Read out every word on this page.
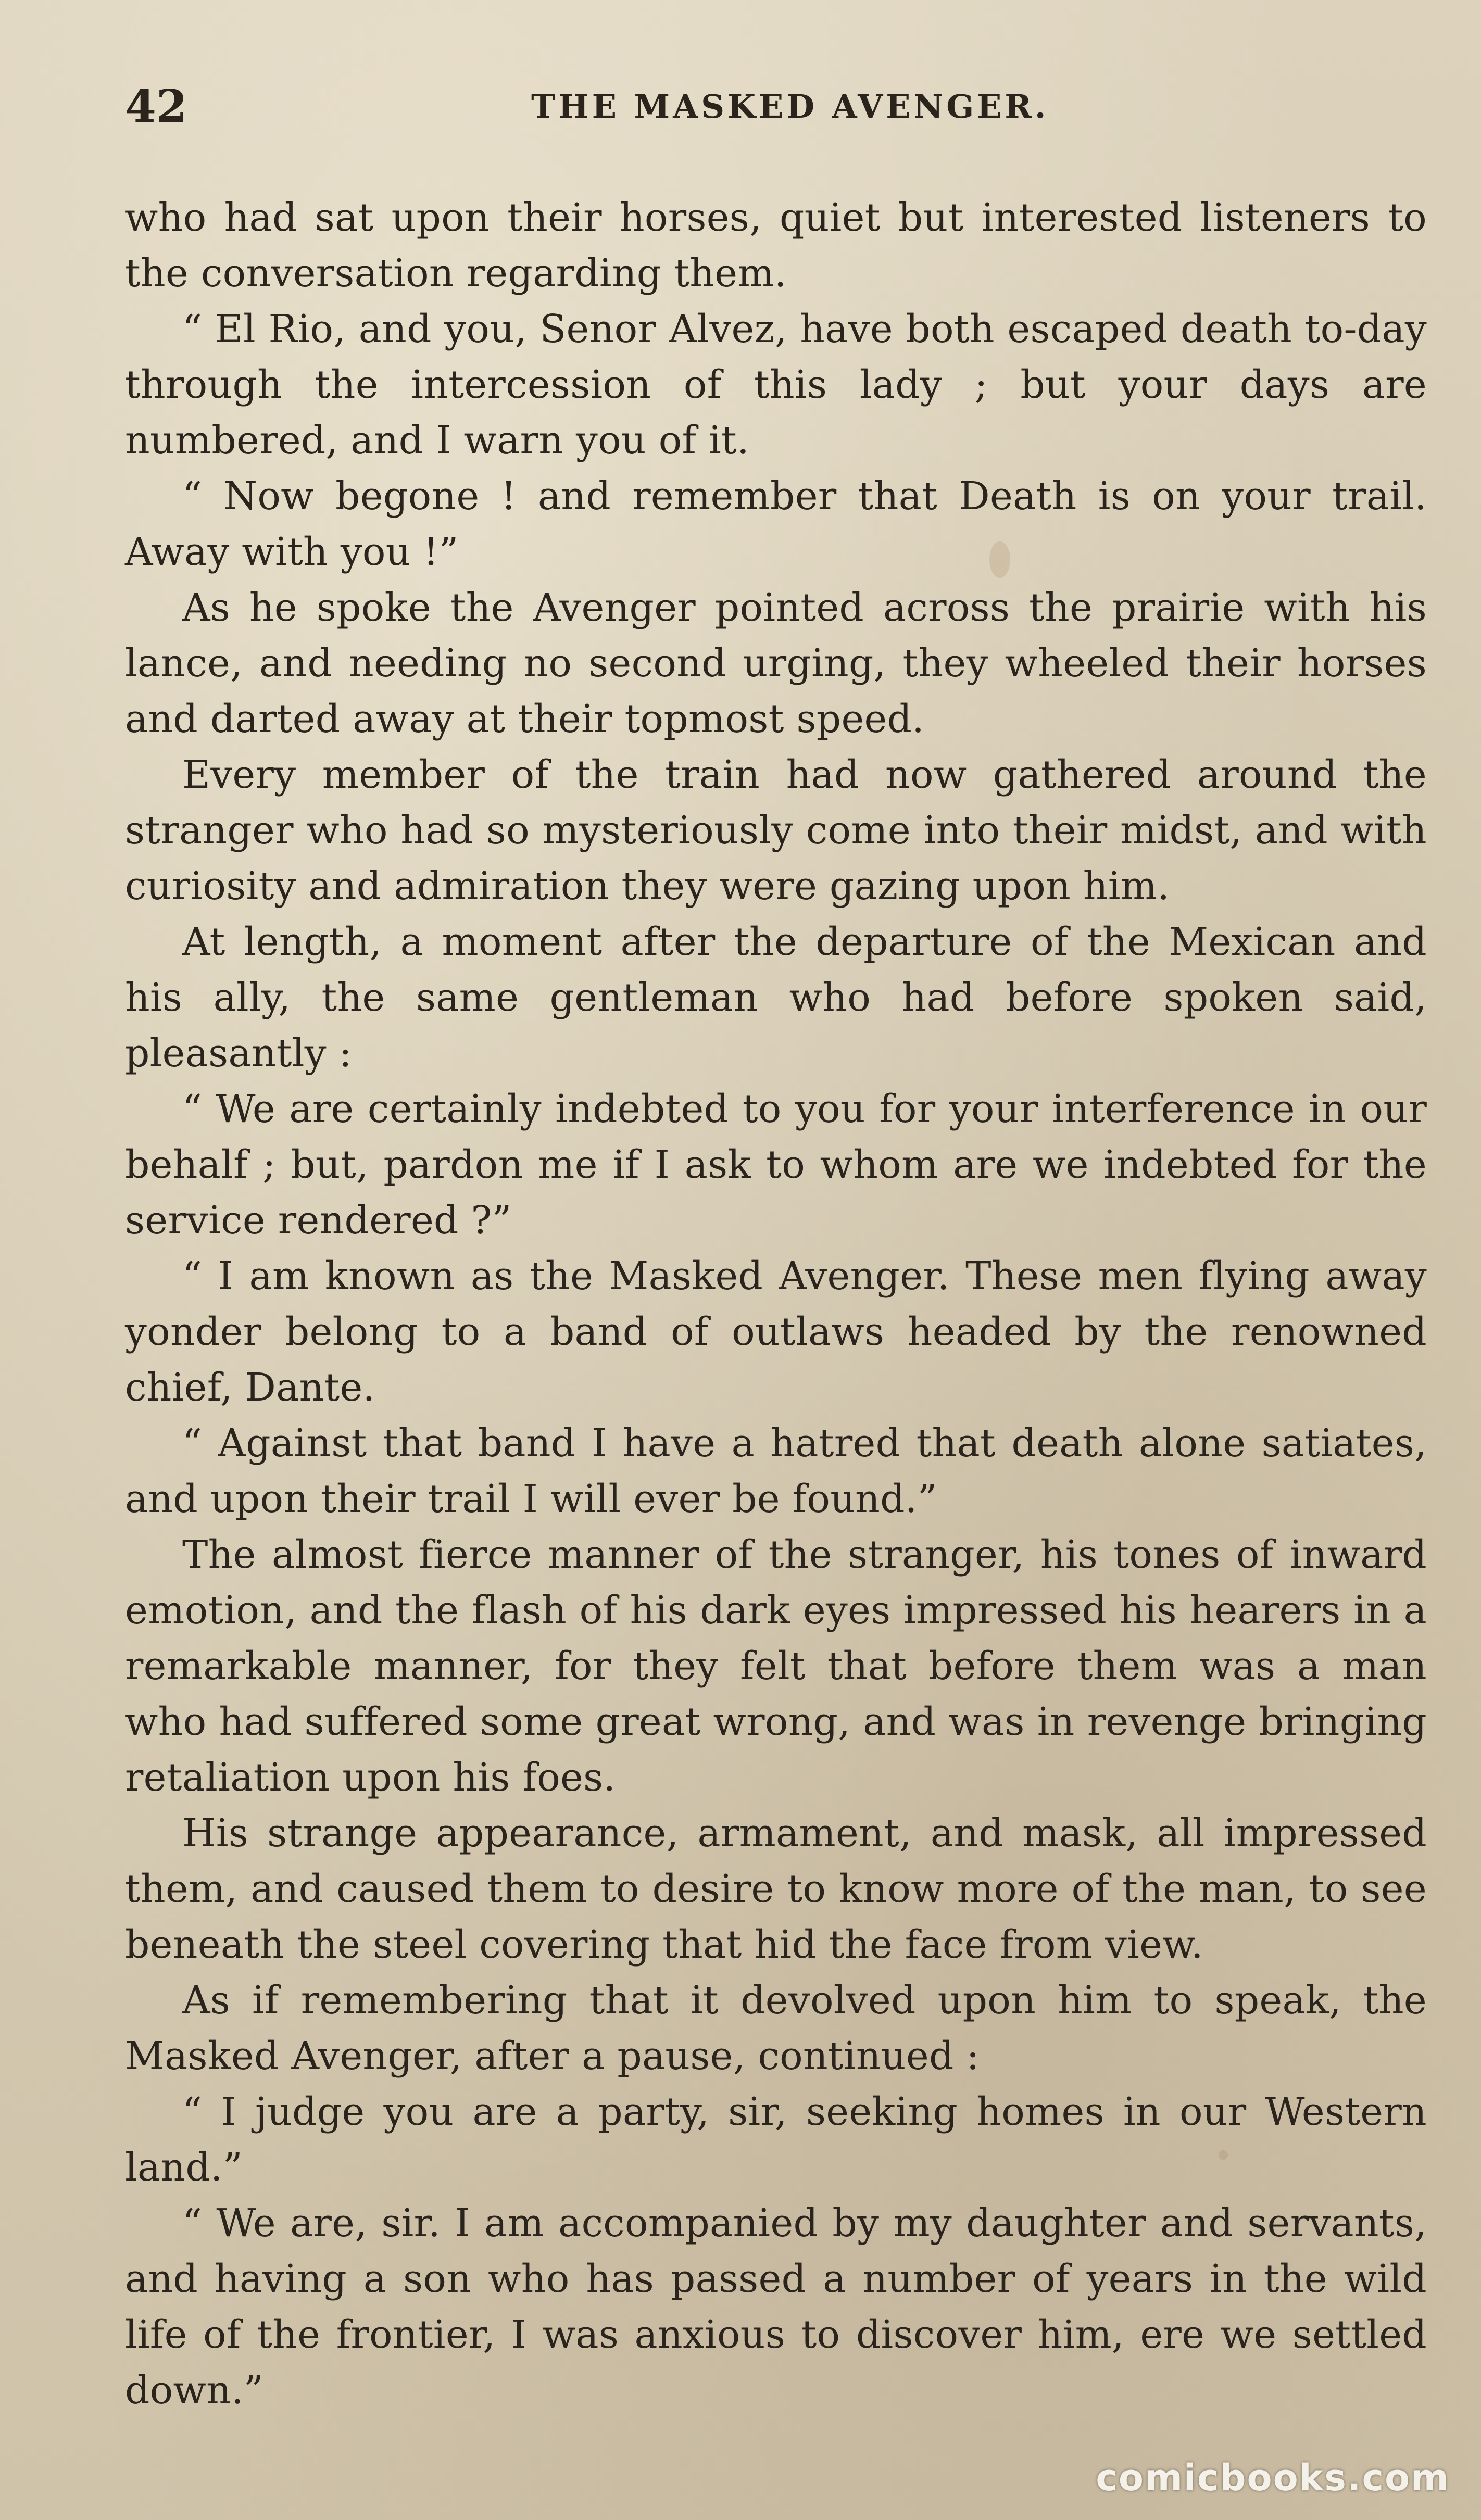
42	THE MASKED AVENGER.

who had sat upon their horses, quiet but interested listeners to the conversation regarding them.

“ El Rio, and you, Senor Alvez, have both escaped death to-day through the intercession of this lady ; but your days are numbered, and I warn you of it.

“ Now begone ! and remember that Death is on your trail. Away with you !”

As he spoke the Avenger pointed across the prairie with his lance, and needing no second urging, they wheeled their horses and darted away at their topmost speed.

Every member of the train had now gathered around the stranger who had so mysteriously come into their midst, and with curiosity and admiration they were gazing upon him.

At length, a moment after the departure of the Mexican and his ally, the same gentleman who had before spoken said, pleasantly :

“ We are certainly indebted to you for your interference in our behalf ; but, pardon me if I ask to whom are we indebted for the service rendered ?”

“ I am known as the Masked Avenger. These men flying away yonder belong to a band of outlaws headed by the renowned chief, Dante.

“ Against that band I have a hatred that death alone satiates, and upon their trail I will ever be found.”

The almost fierce manner of the stranger, his tones of inward emotion, and the flash of his dark eyes impressed his hearers in a remarkable manner, for they felt that before them was a man who had suffered some great wrong, and was in revenge bringing retaliation upon his foes.

His strange appearance, armament, and mask, all impressed them, and caused them to desire to know more of the man, to see beneath the steel covering that hid the face from view.

As if remembering that it devolved upon him to speak, the Masked Avenger, after a pause, continued :

“ I judge you are a party, sir, seeking homes in our Western land.”

“ We are, sir. I am accompanied by my daughter and servants, and having a son who has passed a number of years in the wild life of the frontier, I was anxious to discover him, ere we settled down.”

comicbooks.com
